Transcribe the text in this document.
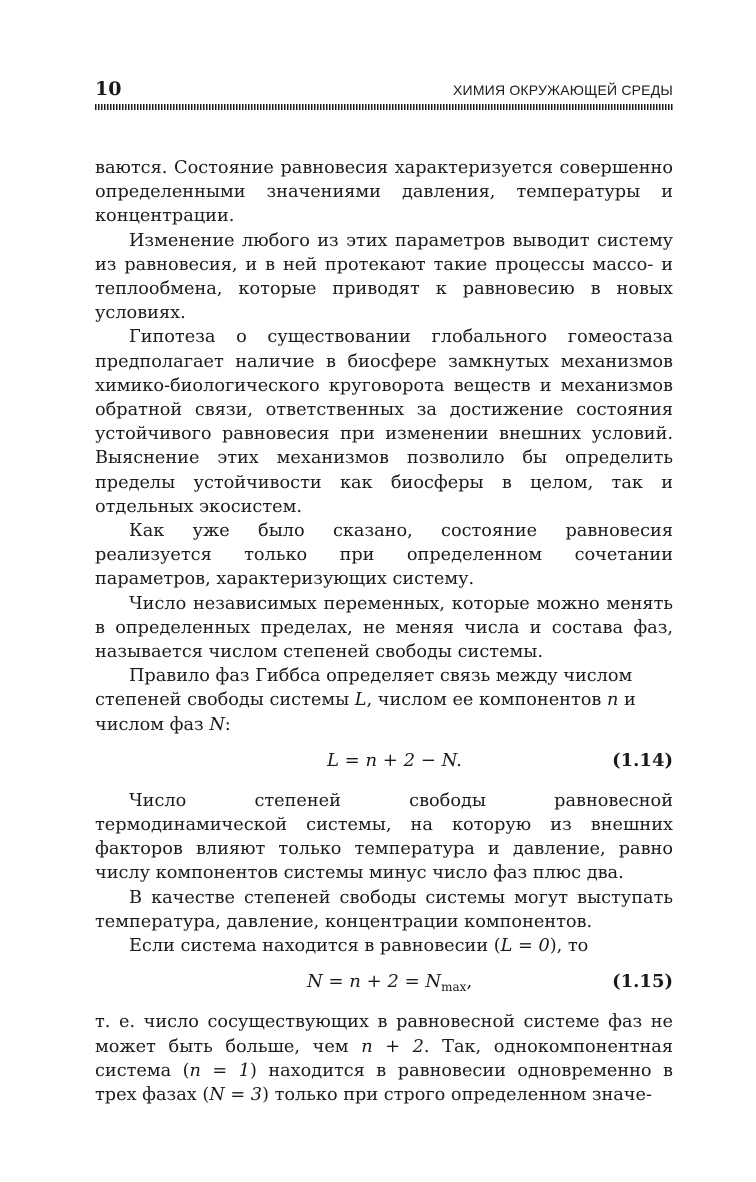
10	ХИМИЯ ОКРУЖАЮЩЕЙ СРЕДЫ

ваются. Состояние равновесия характеризуется совершенно определенными значениями давления, температуры и концентрации.

Изменение любого из этих параметров выводит систему из равновесия, и в ней протекают такие процессы массо- и теплообмена, которые приводят к равновесию в новых условиях.

Гипотеза о существовании глобального гомеостаза предполагает наличие в биосфере замкнутых механизмов химико-биологического круговорота веществ и механизмов обратной связи, ответственных за достижение состояния устойчивого равновесия при изменении внешних условий. Выяснение этих механизмов позволило бы определить пределы устойчивости как биосферы в целом, так и отдельных экосистем.

Как уже было сказано, состояние равновесия реализуется только при определенном сочетании параметров, характеризующих систему.

Число независимых переменных, которые можно менять в определенных пределах, не меняя числа и состава фаз, называется числом степеней свободы системы.

Правило фаз Гиббса определяет связь между числом степеней свободы системы L, числом ее компонентов n и числом фаз N:

L = n + 2 − N.	(1.14)

Число степеней свободы равновесной термодинамической системы, на которую из внешних факторов влияют только температура и давление, равно числу компонентов системы минус число фаз плюс два.

В качестве степеней свободы системы могут выступать температура, давление, концентрации компонентов.

Если система находится в равновесии (L = 0), то

$N = n + 2 = N_{max}$,	(1.15)

т. е. число сосуществующих в равновесной системе фаз не может быть больше, чем n + 2. Так, однокомпонентная система (n = 1) находится в равновесии одновременно в трех фазах (N = 3) только при строго определенном значе-
